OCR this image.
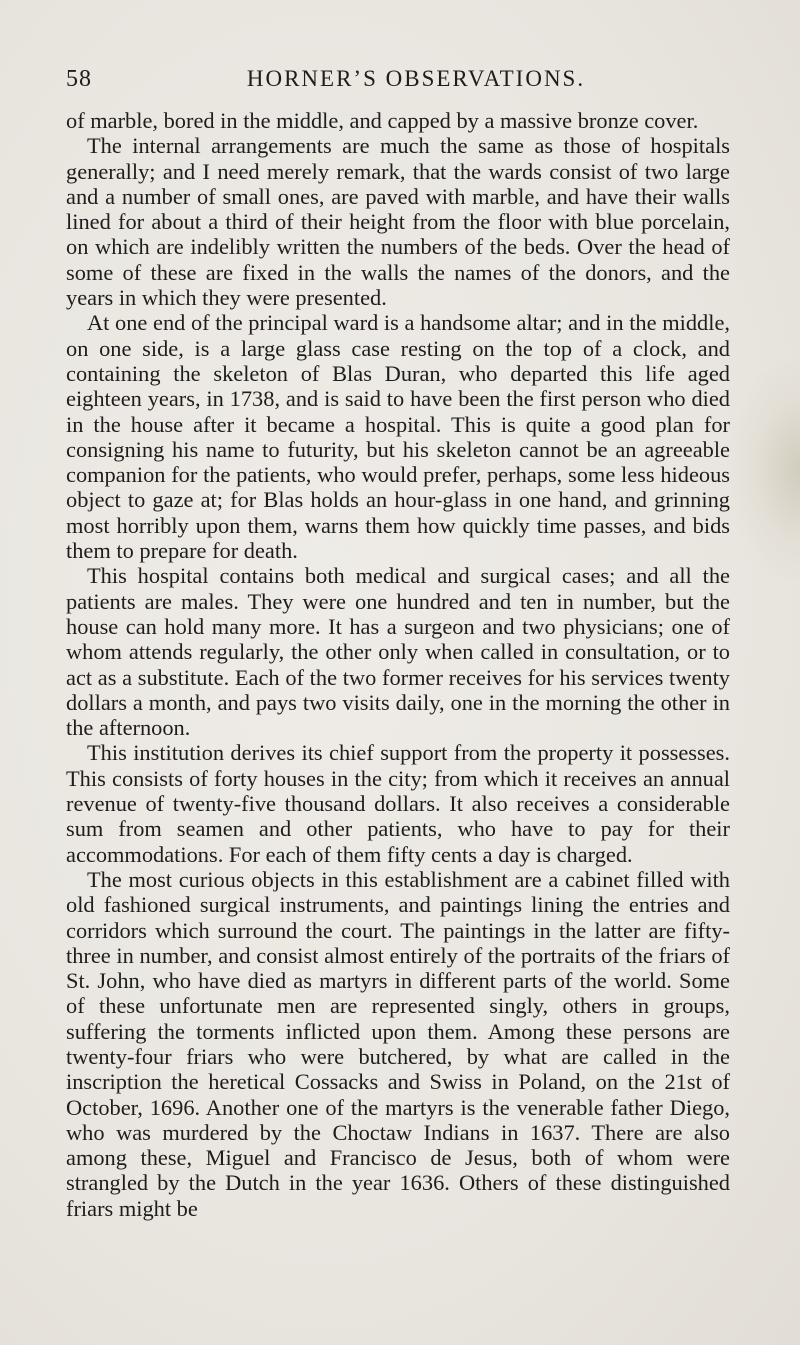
58	HORNER’S OBSERVATIONS.

of marble, bored in the middle, and capped by a massive bronze cover.

The internal arrangements are much the same as those of hospitals generally; and I need merely remark, that the wards consist of two large and a number of small ones, are paved with marble, and have their walls lined for about a third of their height from the floor with blue porcelain, on which are indelibly written the numbers of the beds. Over the head of some of these are fixed in the walls the names of the donors, and the years in which they were presented.

At one end of the principal ward is a handsome altar; and in the middle, on one side, is a large glass case resting on the top of a clock, and containing the skeleton of Blas Duran, who departed this life aged eighteen years, in 1738, and is said to have been the first person who died in the house after it became a hospital. This is quite a good plan for consigning his name to futurity, but his skeleton cannot be an agreeable companion for the patients, who would prefer, perhaps, some less hideous object to gaze at; for Blas holds an hour-glass in one hand, and grinning most horribly upon them, warns them how quickly time passes, and bids them to prepare for death.

This hospital contains both medical and surgical cases; and all the patients are males. They were one hundred and ten in number, but the house can hold many more. It has a surgeon and two physicians; one of whom attends regularly, the other only when called in consultation, or to act as a substitute. Each of the two former receives for his services twenty dollars a month, and pays two visits daily, one in the morning the other in the afternoon.

This institution derives its chief support from the property it possesses. This consists of forty houses in the city; from which it receives an annual revenue of twenty-five thousand dollars. It also receives a considerable sum from seamen and other patients, who have to pay for their accommodations. For each of them fifty cents a day is charged.

The most curious objects in this establishment are a cabinet filled with old fashioned surgical instruments, and paintings lining the entries and corridors which surround the court. The paintings in the latter are fifty-three in number, and consist almost entirely of the portraits of the friars of St. John, who have died as martyrs in different parts of the world. Some of these unfortunate men are represented singly, others in groups, suffering the torments inflicted upon them. Among these persons are twenty-four friars who were butchered, by what are called in the inscription the heretical Cossacks and Swiss in Poland, on the 21st of October, 1696. Another one of the martyrs is the venerable father Diego, who was murdered by the Choctaw Indians in 1637. There are also among these, Miguel and Francisco de Jesus, both of whom were strangled by the Dutch in the year 1636. Others of these distinguished friars might be
